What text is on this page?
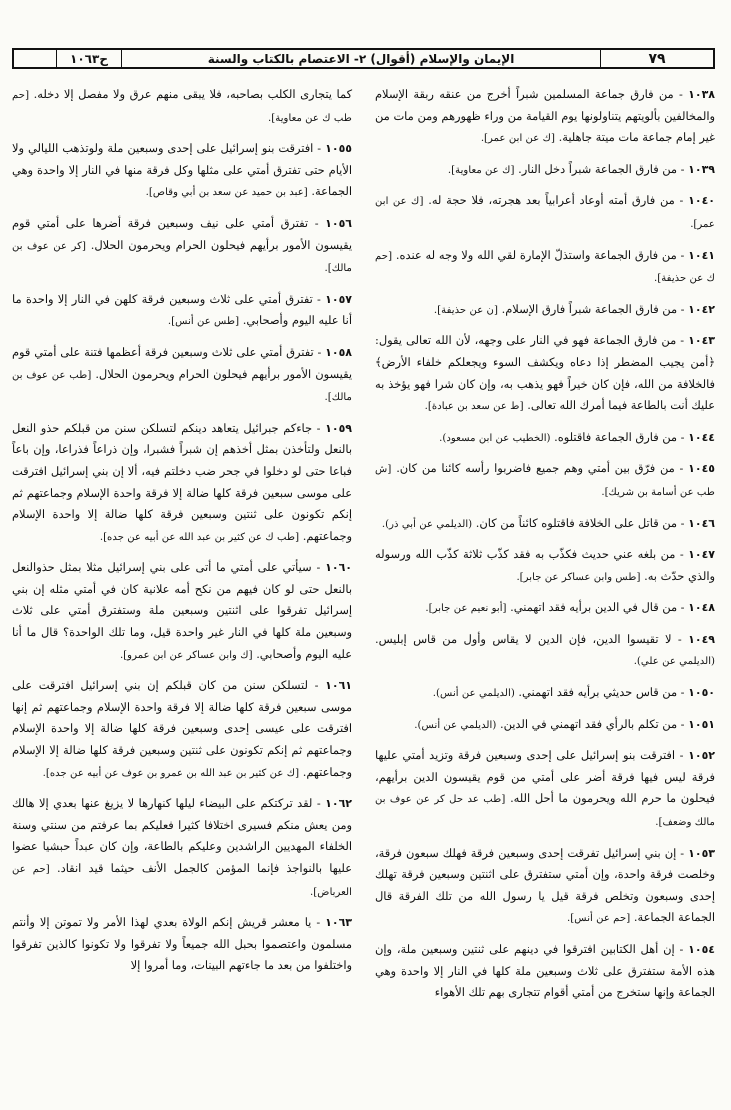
ح١٠٦٣	الإيمان والإسلام (أقوال) ٢- الاعتصام بالكتاب والسنة	٧٩

١٠٣٨ - من فارق جماعة المسلمين شبراً أخرج من عنقه ربقة الإسلام والمخالفين بألويتهم يتناولونها يوم القيامة من وراء ظهورهم ومن مات من غير إمام جماعة مات ميتة جاهلية. [ك عن ابن عمر].

١٠٣٩ - من فارق الجماعة شبراً دخل النار. [ك عن معاوية].

١٠٤٠ - من فارق أمته أوعاد أعرابياً بعد هجرته، فلا حجة له. [ك عن ابن عمر].

١٠٤١ - من فارق الجماعة واستذلّ الإمارة لقي الله ولا وجه له عنده. [حم ك عن حذيفة].

١٠٤٢ - من فارق الجماعة شبراً فارق الإسلام. [ن عن حذيفة].

١٠٤٣ - من فارق الجماعة فهو في النار على وجهه، لأن الله تعالى يقول: ﴿أمن يجيب المضطر إذا دعاه ويكشف السوء ويجعلكم خلفاء الأرض﴾ فالخلافة من الله، فإن كان خيراً فهو يذهب به، وإن كان شرا فهو يؤخذ به عليك أنت بالطاعة فيما أمرك الله تعالى. [ط عن سعد بن عبادة].

١٠٤٤ - من فارق الجماعة فاقتلوه. (الخطيب عن ابن مسعود).

١٠٤٥ - من فرّق بين أمتي وهم جميع فاضربوا رأسه كائنا من كان. [ش طب عن أسامة بن شريك].

١٠٤٦ - من قاتل على الخلافة فاقتلوه كائناً من كان. (الديلمي عن أبي ذر).

١٠٤٧ - من بلغه عني حديث فكذّب به فقد كذّب ثلاثة كذّب الله ورسوله والذي حدّث به. [طس وابن عساكر عن جابر].

١٠٤٨ - من قال في الدين برأيه فقد اتهمني. [أبو نعيم عن جابر].

١٠٤٩ - لا تقيسوا الدين، فإن الدين لا يقاس وأول من قاس إبليس. (الديلمي عن علي).

١٠٥٠ - من قاس حديثي برأيه فقد اتهمني. (الديلمي عن أنس).

١٠٥١ - من تكلم بالرأي فقد اتهمني في الدين. (الديلمي عن أنس).

١٠٥٢ - افترقت بنو إسرائيل على إحدى وسبعين فرقة وتزيد أمتي عليها فرقة ليس فيها فرقة أضر على أمتي من قوم يقيسون الدين برأيهم، فيحلون ما حرم الله ويحرمون ما أحل الله. [طب عد حل كر عن عوف بن مالك وضعف].

١٠٥٣ - إن بني إسرائيل تفرقت إحدى وسبعين فرقة فهلك سبعون فرقة، وخلصت فرقة واحدة، وإن أمتي ستفترق على اثنتين وسبعين فرقة تهلك إحدى وسبعون وتخلص فرقة قيل يا رسول الله من تلك الفرقة قال الجماعة الجماعة. [حم عن أنس].

١٠٥٤ - إن أهل الكتابين افترقوا في دينهم على ثنتين وسبعين ملة، وإن هذه الأمة ستفترق على ثلاث وسبعين ملة كلها في النار إلا واحدة وهي الجماعة وإنها ستخرج من أمتي أقوام تتجارى بهم تلك الأهواء

كما يتجارى الكلب بصاحبه، فلا يبقى منهم عرق ولا مفصل إلا دخله. [حم طب ك عن معاوية].

١٠٥٥ - افترقت بنو إسرائيل على إحدى وسبعين ملة ولوتذهب الليالي ولا الأيام حتى تفترق أمتي على مثلها وكل فرقة منها في النار إلا واحدة وهي الجماعة. [عبد بن حميد عن سعد بن أبي وقاص].

١٠٥٦ - تفترق أمتي على نيف وسبعين فرقة أضرها على أمتي قوم يقيسون الأمور برأيهم فيحلون الحرام ويحرمون الحلال. [كر عن عوف بن مالك].

١٠٥٧ - تفترق أمتي على ثلاث وسبعين فرقة كلهن في النار إلا واحدة ما أنا عليه اليوم وأصحابي. [طس عن أنس].

١٠٥٨ - تفترق أمتي على ثلاث وسبعين فرقة أعظمها فتنة على أمتي قوم يقيسون الأمور برأيهم فيحلون الحرام ويحرمون الحلال. [طب عن عوف بن مالك].

١٠٥٩ - جاءكم جبرائيل يتعاهد دينكم لتسلكن سنن من قبلكم حذو النعل بالنعل ولتأخذن بمثل أخذهم إن شبراً فشبرا، وإن ذراعاً فذراعا، وإن باعاً فباعا حتى لو دخلوا في جحر ضب دخلتم فيه، ألا إن بني إسرائيل افترقت على موسى سبعين فرقة كلها ضالة إلا فرقة واحدة الإسلام وجماعتهم ثم إنكم تكونون على ثنتين وسبعين فرقة كلها ضالة إلا واحدة الإسلام وجماعتهم. [طب ك عن كثير بن عبد الله عن أبيه عن جده].

١٠٦٠ - سيأتي على أمتي ما أتى على بني إسرائيل مثلا بمثل حذوالنعل بالنعل حتى لو كان فيهم من نكح أمه علانية كان في أمتي مثله إن بني إسرائيل تفرقوا على اثنتين وسبعين ملة وستفترق أمتي على ثلاث وسبعين ملة كلها في النار غير واحدة قيل، وما تلك الواحدة؟ قال ما أنا عليه اليوم وأصحابي. [ك وابن عساكر عن ابن عمرو].

١٠٦١ - لتسلكن سنن من كان قبلكم إن بني إسرائيل افترقت على موسى سبعين فرقة كلها ضالة إلا فرقة واحدة الإسلام وجماعتهم ثم إنها افترقت على عيسى إحدى وسبعين فرقة كلها ضالة إلا واحدة الإسلام وجماعتهم ثم إنكم تكونون على ثنتين وسبعين فرقة كلها ضالة إلا الإسلام وجماعتهم. [ك عن كثير بن عبد الله بن عمرو بن عوف عن أبيه عن جده].

١٠٦٢ - لقد تركتكم على البيضاء ليلها كنهارها لا يزيغ عنها بعدي إلا هالك ومن يعش منكم فسيرى اختلافا كثيرا فعليكم بما عرفتم من سنتي وسنة الخلفاء المهديين الراشدين وعليكم بالطاعة، وإن كان عبداً حبشيا عضوا عليها بالنواجذ فإنما المؤمن كالجمل الأنف حيثما قيد انقاد. [حم عن العرباض].

١٠٦٣ - يا معشر قريش إنكم الولاة بعدي لهذا الأمر ولا تموتن إلا وأنتم مسلمون واعتصموا بحبل الله جميعاً ولا تفرقوا ولا تكونوا كالذين تفرقوا واختلفوا من بعد ما جاءتهم البينات، وما أمروا إلا
